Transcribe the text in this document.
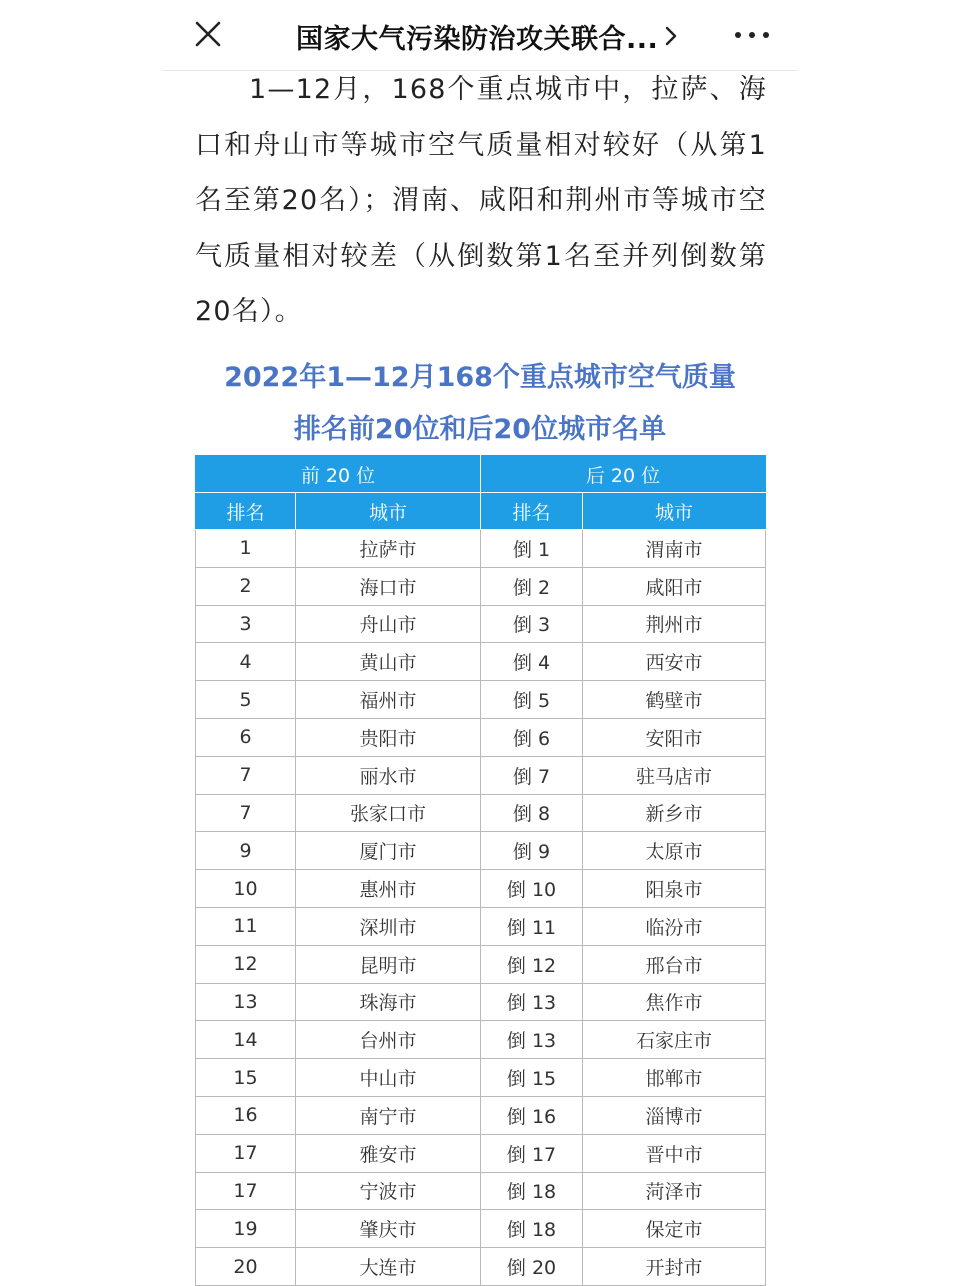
国家大气污染防治攻关联合...

1—12月，168个重点城市中，拉萨、海口和舟山市等城市空气质量相对较好（从第1名至第20名）；渭南、咸阳和荆州市等城市空气质量相对较差（从倒数第1名至并列倒数第20名）。

2022年1—12月168个重点城市空气质量
排名前20位和后20位城市名单
前 20 位		后 20 位	
排名	城市	排名	城市
1	拉萨市	倒 1	渭南市
2	海口市	倒 2	咸阳市
3	舟山市	倒 3	荆州市
4	黄山市	倒 4	西安市
5	福州市	倒 5	鹤壁市
6	贵阳市	倒 6	安阳市
7	丽水市	倒 7	驻马店市
7	张家口市	倒 8	新乡市
9	厦门市	倒 9	太原市
10	惠州市	倒 10	阳泉市
11	深圳市	倒 11	临汾市
12	昆明市	倒 12	邢台市
13	珠海市	倒 13	焦作市
14	台州市	倒 13	石家庄市
15	中山市	倒 15	邯郸市
16	南宁市	倒 16	淄博市
17	雅安市	倒 17	晋中市
17	宁波市	倒 18	菏泽市
19	肇庆市	倒 18	保定市
20	大连市	倒 20	开封市
